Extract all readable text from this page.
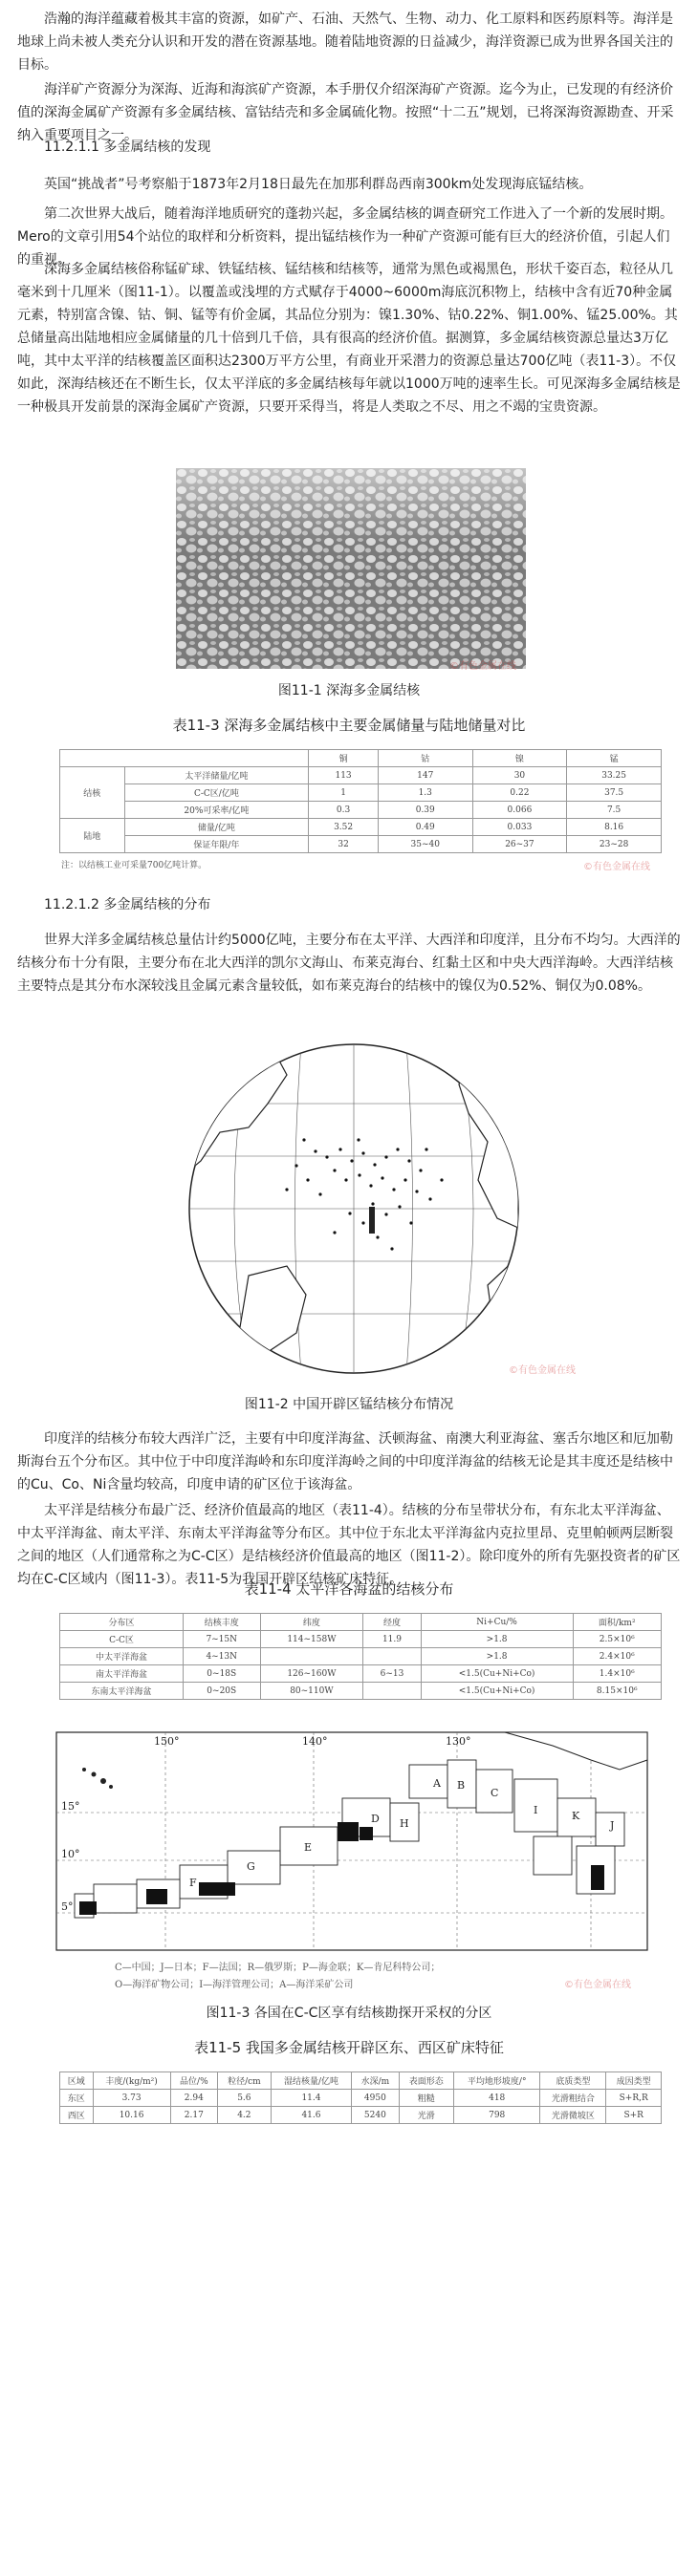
浩瀚的海洋蕴藏着极其丰富的资源，如矿产、石油、天然气、生物、动力、化工原料和医药原料等。海洋是地球上尚未被人类充分认识和开发的潜在资源基地。随着陆地资源的日益减少，海洋资源已成为世界各国关注的目标。

海洋矿产资源分为深海、近海和海滨矿产资源，本手册仅介绍深海矿产资源。迄今为止，已发现的有经济价值的深海金属矿产资源有多金属结核、富钴结壳和多金属硫化物。按照“十二五”规划，已将深海资源勘查、开采纳入重要项目之一。

11.2.1.1 多金属结核的发现

英国“挑战者”号考察船于1873年2月18日最先在加那利群岛西南300km处发现海底锰结核。

第二次世界大战后，随着海洋地质研究的蓬勃兴起，多金属结核的调查研究工作进入了一个新的发展时期。Mero的文章引用54个站位的取样和分析资料，提出锰结核作为一种矿产资源可能有巨大的经济价值，引起人们的重视。

深海多金属结核俗称锰矿球、铁锰结核、锰结核和结核等，通常为黑色或褐黑色，形状千姿百态，粒径从几毫米到十几厘米（图11-1）。以覆盖或浅埋的方式赋存于4000~6000m海底沉积物上，结核中含有近70种金属元素，特别富含镍、钴、铜、锰等有价金属，其品位分别为：镍1.30%、钴0.22%、铜1.00%、锰25.00%。其总储量高出陆地相应金属储量的几十倍到几千倍，具有很高的经济价值。据测算，多金属结核资源总量达3万亿吨，其中太平洋的结核覆盖区面积达2300万平方公里，有商业开采潜力的资源总量达700亿吨（表11-3）。不仅如此，深海结核还在不断生长，仅太平洋底的多金属结核每年就以1000万吨的速率生长。可见深海多金属结核是一种极具开发前景的深海金属矿产资源，只要开采得当，将是人类取之不尽、用之不竭的宝贵资源。

©有色金属在线

图11-1 深海多金属结核

表11-3 深海多金属结核中主要金属储量与陆地储量对比

		铜	钴	镍	锰
结核	太平洋储量/亿吨	113	147	30	33.25
	C-C区/亿吨	1	1.3	0.22	37.5
	20%可采率/亿吨	0.3	0.39	0.066	7.5
陆地	储量/亿吨	3.52	0.49	0.033	8.16
	保证年限/年	32	35~40	26~37	23~28
注：以结核工业可采量700亿吨计算。	©有色金属在线

11.2.1.2 多金属结核的分布

世界大洋多金属结核总量估计约5000亿吨，主要分布在太平洋、大西洋和印度洋，且分布不均匀。大西洋的结核分布十分有限，主要分布在北大西洋的凯尔文海山、布莱克海台、红黏土区和中央大西洋海岭。大西洋结核主要特点是其分布水深较浅且金属元素含量较低，如布莱克海台的结核中的镍仅为0.52%、铜仅为0.08%。

©有色金属在线

图11-2 中国开辟区锰结核分布情况

印度洋的结核分布较大西洋广泛，主要有中印度洋海盆、沃顿海盆、南澳大利亚海盆、塞舌尔地区和厄加勒斯海台五个分布区。其中位于中印度洋海岭和东印度洋海岭之间的中印度洋海盆的结核无论是其丰度还是结核中的Cu、Co、Ni含量均较高，印度申请的矿区位于该海盆。

太平洋是结核分布最广泛、经济价值最高的地区（表11-4）。结核的分布呈带状分布，有东北太平洋海盆、中太平洋海盆、南太平洋、东南太平洋海盆等分布区。其中位于东北太平洋海盆内克拉里昂、克里帕顿两层断裂之间的地区（人们通常称之为C-C区）是结核经济价值最高的地区（图11-2）。除印度外的所有先驱投资者的矿区均在C-C区域内（图11-3）。表11-5为我国开辟区结核矿床特征。

表11-4 太平洋各海盆的结核分布

分布区	结核丰度	纬度	经度	Ni+Cu/%	面积/km²
C-C区	7~15N	114~158W	11.9	>1.8	2.5×10⁶
中太平洋海盆	4~13N			>1.8	2.4×10⁶
南太平洋海盆	0~18S	126~160W	6~13	<1.5(Cu+Ni+Co)	1.4×10⁶
东南太平洋海盆	0~20S	80~110W		<1.5(Cu+Ni+Co)	8.15×10⁶
150°	140°	130°
15°
10°
5°
A B
C
D
E
F
G
H
I
J
K
C—中国；J—日本；F—法国；R—俄罗斯；P—海金联；K—肯尼科特公司；
O—海洋矿物公司；I—海洋管理公司；A—海洋采矿公司	©有色金属在线

图11-3 各国在C-C区享有结核勘探开采权的分区

表11-5 我国多金属结核开辟区东、西区矿床特征

区域	丰度/(kg/m²)	品位/%	粒径/cm	湿结核量/亿吨	水深/m	表面形态	平均地形坡度/°	底质类型	成因类型
东区	3.73	2.94	5.6	11.4	4950	粗糙	418	光滑粗结合	S+R,R
西区	10.16	2.17	4.2	41.6	5240	光滑	798	光滑微坡区	S+R
